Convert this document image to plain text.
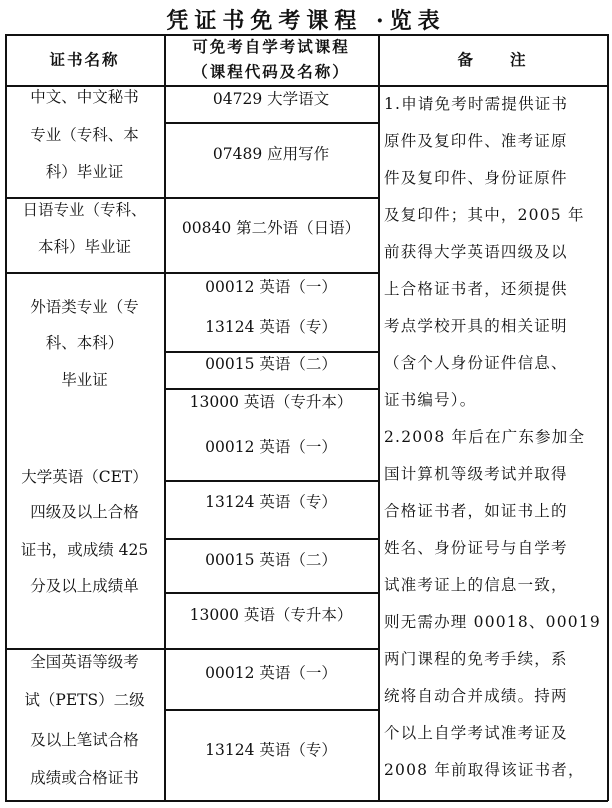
凭证书免考课程 ·览表
证书名称
可免考自学考试课程
（课程代码及名称）
备　　注
中文、中文秘书
专业（专科、本
科）毕业证
日语专业（专科、
本科）毕业证
外语类专业（专
科、本科）
毕业证
大学英语（CET）
四级及以上合格
证书，或成绩 425
分及以上成绩单
全国英语等级考
试（PETS）二级
及以上笔试合格
成绩或合格证书
04729 大学语文
07489 应用写作
00840 第二外语（日语）
00012 英语（一）
13124 英语（专）
00015 英语（二）
13000 英语（专升本）
00012 英语（一）
13124 英语（专）
00015 英语（二）
13000 英语（专升本）
00012 英语（一）
13124 英语（专）
1.申请免考时需提供证书
原件及复印件、准考证原
件及复印件、身份证原件
及复印件；其中，2005 年
前获得大学英语四级及以
上合格证书者，还须提供
考点学校开具的相关证明
（含个人身份证件信息、
证书编号）。
2.2008 年后在广东参加全
国计算机等级考试并取得
合格证书者，如证书上的
姓名、身份证号与自学考
试准考证上的信息一致，
则无需办理 00018、00019
两门课程的免考手续，系
统将自动合并成绩。持两
个以上自学考试准考证及
2008 年前取得该证书者，
